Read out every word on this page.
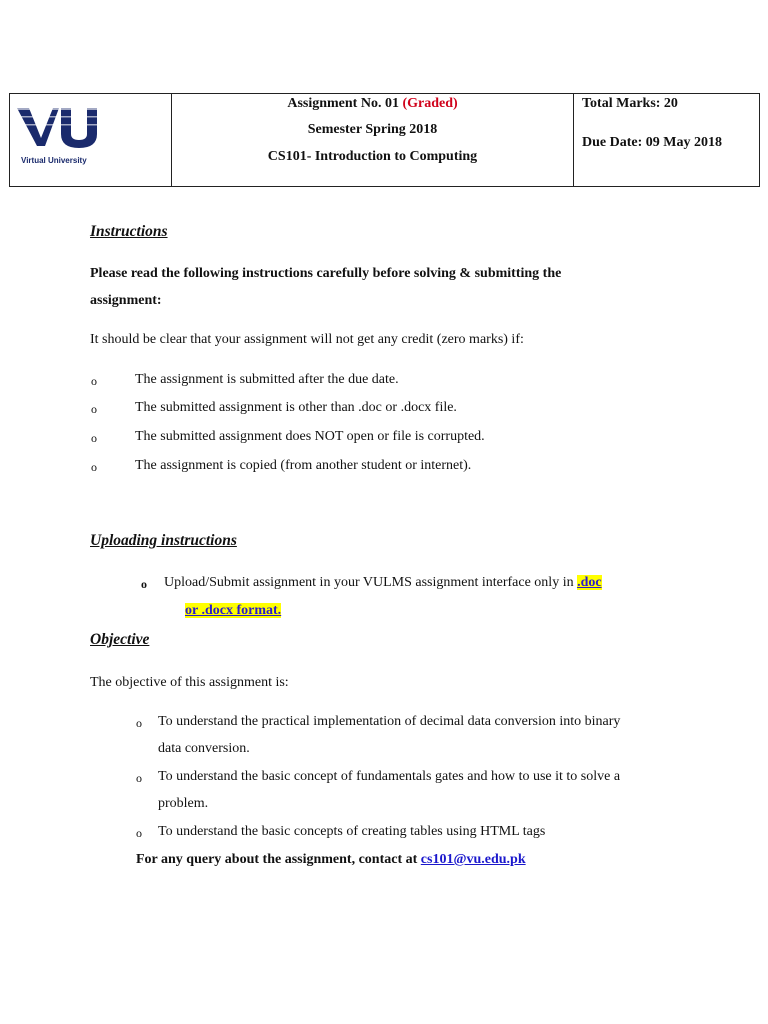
Virtual University
Assignment No. 01 (Graded)
Semester Spring 2018
CS101- Introduction to Computing
Total Marks: 20
Due Date: 09 May 2018
Instructions
Please read the following instructions carefully before solving & submitting the
assignment:
It should be clear that your assignment will not get any credit (zero marks) if:
o	The assignment is submitted after the due date.
o	The submitted assignment is other than .doc or .docx file.
o	The submitted assignment does NOT open or file is corrupted.
o	The assignment is copied (from another student or internet).
Uploading instructions
o Upload/Submit assignment in your VULMS assignment interface only in .doc
or .docx format.
Objective
The objective of this assignment is:
o To understand the practical implementation of decimal data conversion into binary
data conversion.
o To understand the basic concept of fundamentals gates and how to use it to solve a
problem.
o To understand the basic concepts of creating tables using HTML tags
For any query about the assignment, contact at cs101@vu.edu.pk
